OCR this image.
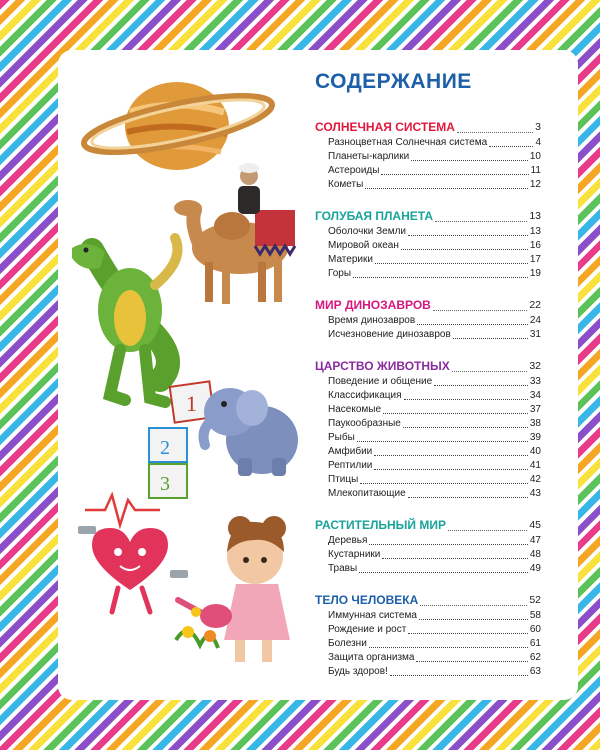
1
2
3
СОДЕРЖАНИЕ
СОЛНЕЧНАЯ СИСТЕМА	3
Разноцветная Солнечная система	4
Планеты-карлики	10
Астероиды	11
Кометы	12
ГОЛУБАЯ ПЛАНЕТА	13
Оболочки Земли	13
Мировой океан	16
Материки	17
Горы	19
МИР ДИНОЗАВРОВ	22
Время динозавров	24
Исчезновение динозавров	31
ЦАРСТВО ЖИВОТНЫХ	32
Поведение и общение	33
Классификация	34
Насекомые	37
Паукообразные	38
Рыбы	39
Амфибии	40
Рептилии	41
Птицы	42
Млекопитающие	43
РАСТИТЕЛЬНЫЙ МИР	45
Деревья	47
Кустарники	48
Травы	49
ТЕЛО ЧЕЛОВЕКА	52
Иммунная система	58
Рождение и рост	60
Болезни	61
Защита организма	62
Будь здоров!	63
